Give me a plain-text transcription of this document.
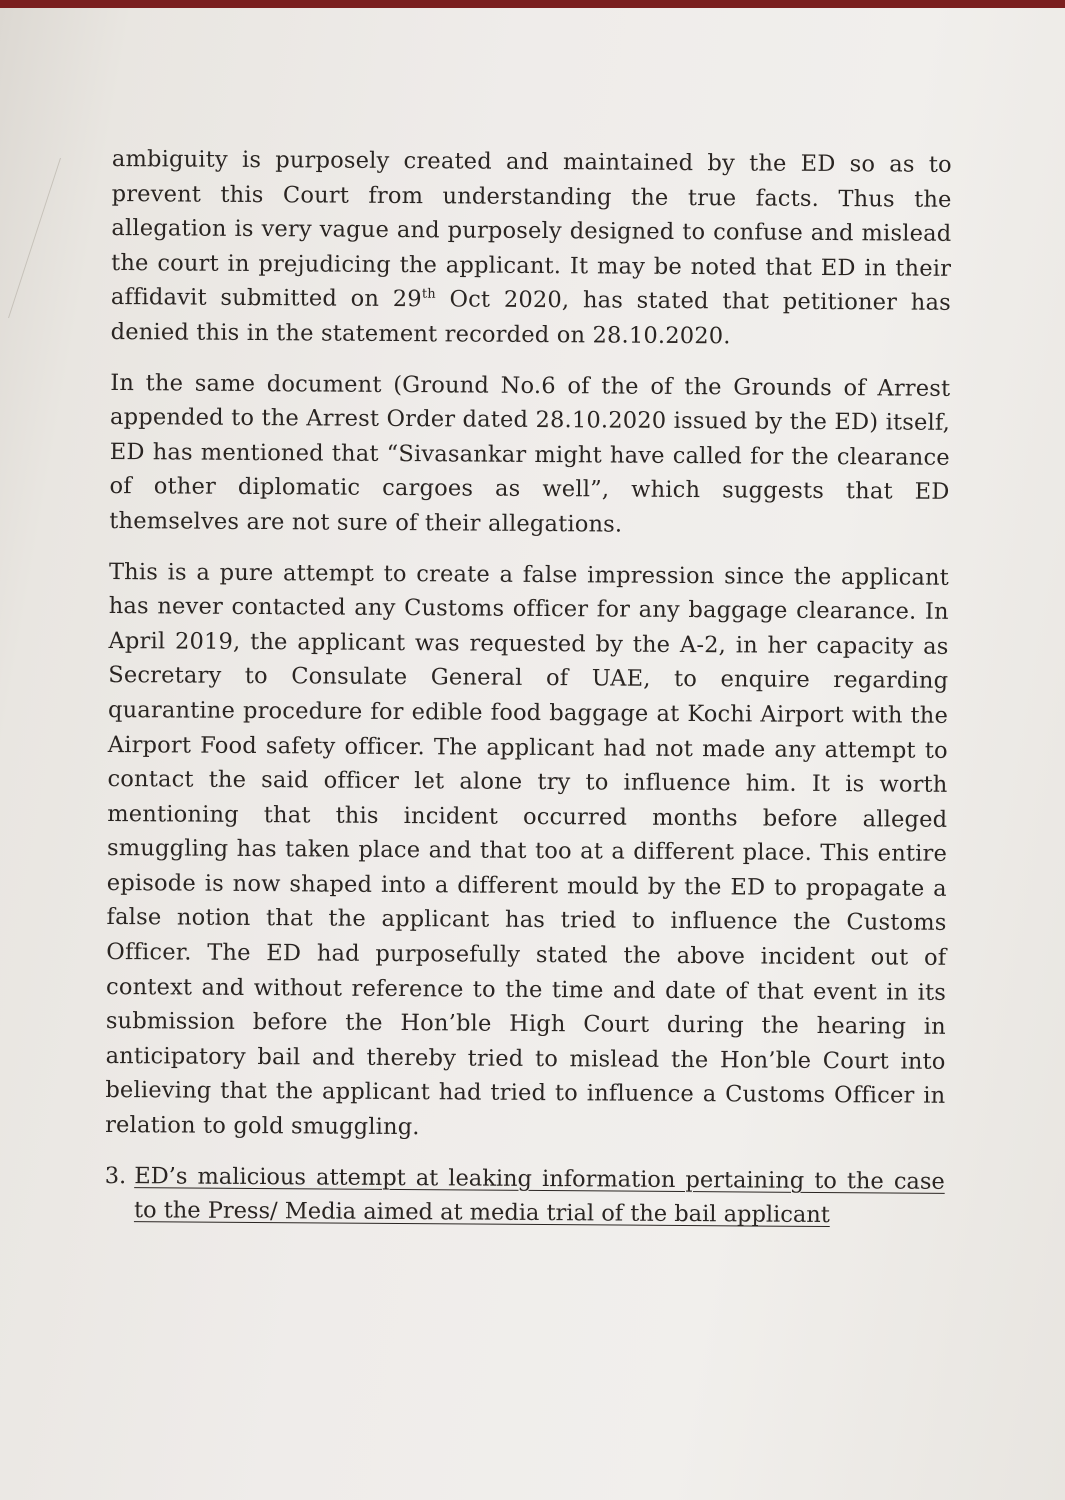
ambiguity is purposely created and maintained by the ED so as to prevent this Court from understanding the true facts. Thus the allegation is very vague and purposely designed to confuse and mislead the court in prejudicing the applicant. It may be noted that ED in their affidavit submitted on 29th Oct 2020, has stated that petitioner has denied this in the statement recorded on 28.10.2020.

In the same document (Ground No.6 of the of the Grounds of Arrest appended to the Arrest Order dated 28.10.2020 issued by the ED) itself, ED has mentioned that “Sivasankar might have called for the clearance of other diplomatic cargoes as well”, which suggests that ED themselves are not sure of their allegations.

This is a pure attempt to create a false impression since the applicant has never contacted any Customs officer for any baggage clearance. In April 2019, the applicant was requested by the A-2, in her capacity as Secretary to Consulate General of UAE, to enquire regarding quarantine procedure for edible food baggage at Kochi Airport with the Airport Food safety officer. The applicant had not made any attempt to contact the said officer let alone try to influence him. It is worth mentioning that this incident occurred months before alleged smuggling has taken place and that too at a different place. This entire episode is now shaped into a different mould by the ED to propagate a false notion that the applicant has tried to influence the Customs Officer. The ED had purposefully stated the above incident out of context and without reference to the time and date of that event in its submission before the Hon’ble High Court during the hearing in anticipatory bail and thereby tried to mislead the Hon’ble Court into believing that the applicant had tried to influence a Customs Officer in relation to gold smuggling.

3. ED’s malicious attempt at leaking information pertaining to the case to the Press/ Media aimed at media trial of the bail applicant
